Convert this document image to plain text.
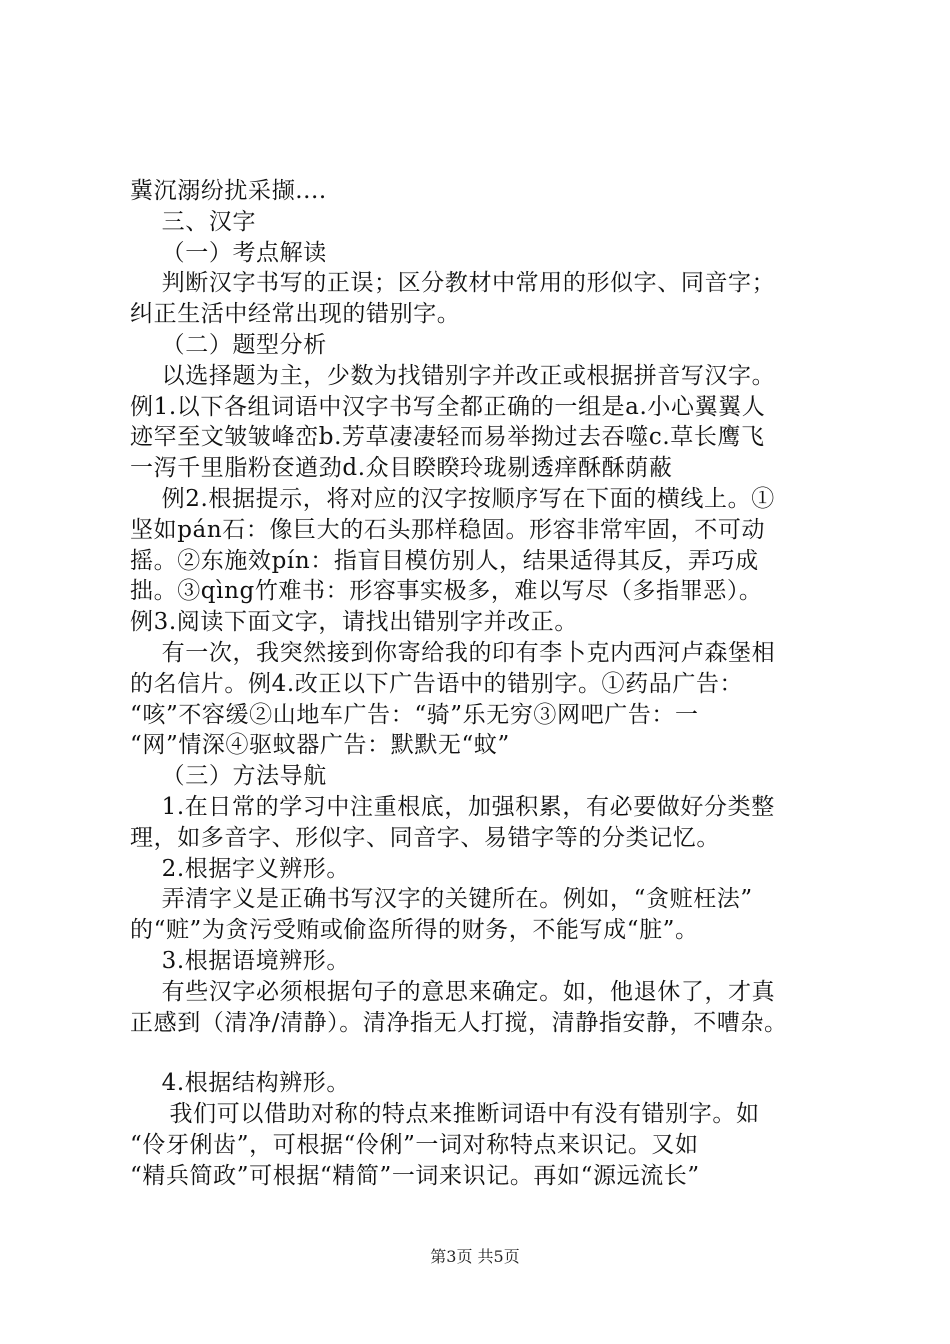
冀沉溺纷扰采撷....
三、汉字
（一）考点解读
判断汉字书写的正误；区分教材中常用的形似字、同音字；
纠正生活中经常出现的错别字。
（二）题型分析
以选择题为主，少数为找错别字并改正或根据拼音写汉字。
例1.以下各组词语中汉字书写全都正确的一组是a.小心翼翼人
迹罕至文皱皱峰峦b.芳草凄凄轻而易举拗过去吞噬c.草长鹰飞
一泻千里脂粉奁遒劲d.众目睽睽玲珑剔透痒酥酥荫蔽
例2.根据提示，将对应的汉字按顺序写在下面的横线上。①
坚如pán石：像巨大的石头那样稳固。形容非常牢固，不可动
摇。②东施效pín：指盲目模仿别人，结果适得其反，弄巧成
拙。③qìng竹难书：形容事实极多，难以写尽（多指罪恶）。
例3.阅读下面文字，请找出错别字并改正。
有一次，我突然接到你寄给我的印有李卜克内西河卢森堡相
的名信片。例4.改正以下广告语中的错别字。①药品广告：
“咳”不容缓②山地车广告：“骑”乐无穷③网吧广告：一
“网”情深④驱蚊器广告：默默无“蚊”
（三）方法导航
1.在日常的学习中注重根底，加强积累，有必要做好分类整
理，如多音字、形似字、同音字、易错字等的分类记忆。
2.根据字义辨形。
弄清字义是正确书写汉字的关键所在。例如，“贪赃枉法”
的“赃”为贪污受贿或偷盗所得的财务，不能写成“脏”。
3.根据语境辨形。
有些汉字必须根据句子的意思来确定。如，他退休了，才真
正感到（清净/清静）。清净指无人打搅，清静指安静，不嘈杂。
4.根据结构辨形。
我们可以借助对称的特点来推断词语中有没有错别字。如
“伶牙俐齿”，可根据“伶俐”一词对称特点来识记。又如
“精兵简政”可根据“精简”一词来识记。再如“源远流长”
第3页 共5页
